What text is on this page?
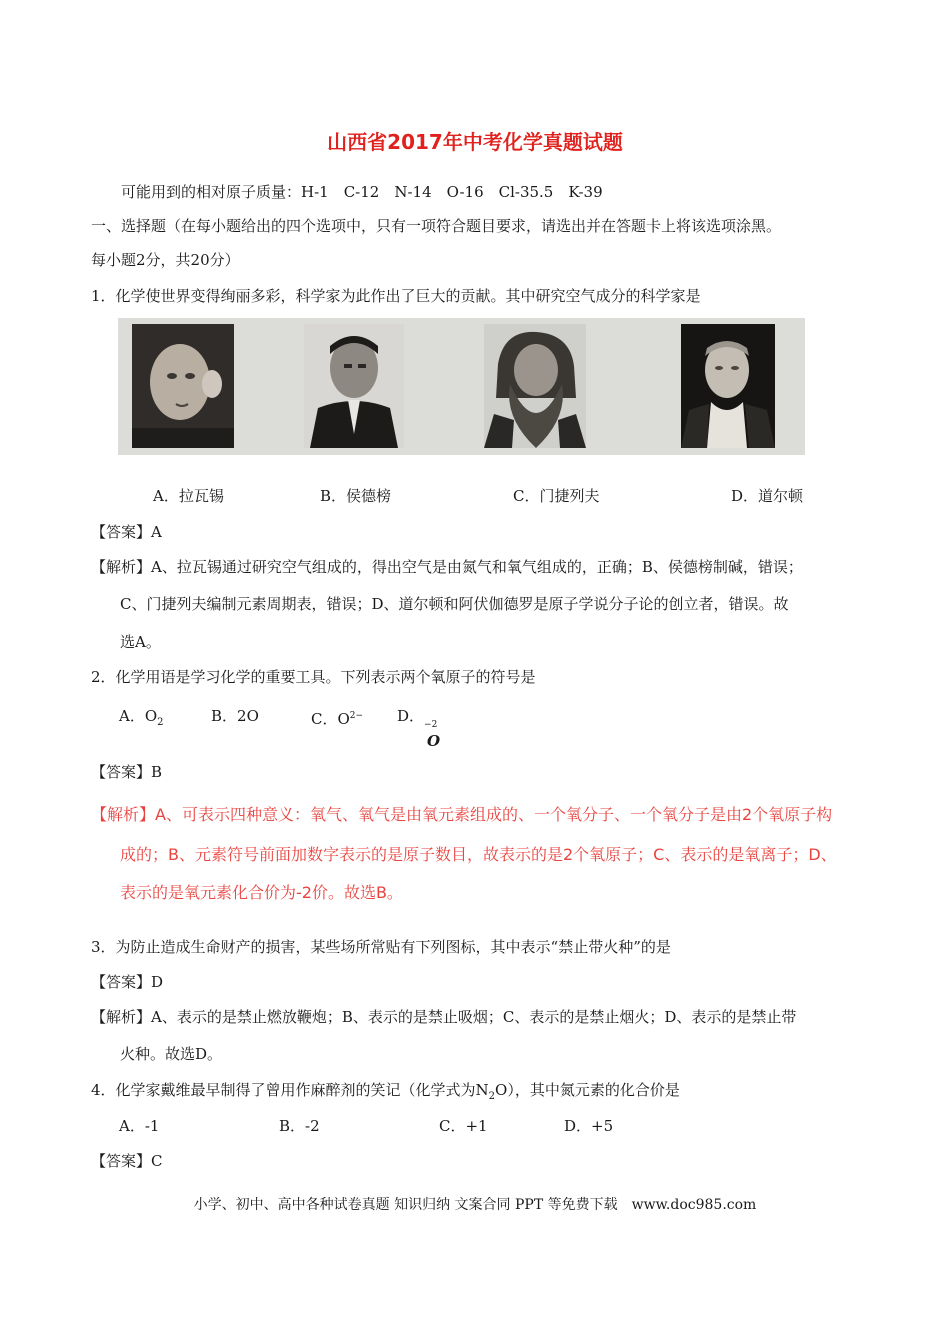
山西省2017年中考化学真题试题
可能用到的相对原子质量：H-1　C-12　N-14　O-16　Cl-35.5　K-39
一、选择题（在每小题给出的四个选项中，只有一项符合题目要求，请选出并在答题卡上将该选项涂黑。
每小题2分，共20分）
1．化学使世界变得绚丽多彩，科学家为此作出了巨大的贡献。其中研究空气成分的科学家是
A．拉瓦锡	B．侯德榜	C．门捷列夫	D．道尔顿
【答案】A
【解析】A、拉瓦锡通过研究空气组成的，得出空气是由氮气和氧气组成的，正确；B、侯德榜制碱，错误；
C、门捷列夫编制元素周期表，错误；D、道尔顿和阿伏伽德罗是原子学说分子论的创立者，错误。故
选A。
2．化学用语是学习化学的重要工具。下列表示两个氧原子的符号是
A．$O_2$	B．2O	C．$O^{2-}$ D． −2
O
【答案】B
【解析】A、可表示四种意义：氧气、氧气是由氧元素组成的、一个氧分子、一个氧分子是由2个氧原子构
成的；B、元素符号前面加数字表示的是原子数目，故表示的是2个氧原子；C、表示的是氧离子；D、
表示的是氧元素化合价为-2价。故选B。
3．为防止造成生命财产的损害，某些场所常贴有下列图标，其中表示“禁止带火种”的是
【答案】D
【解析】A、表示的是禁止燃放鞭炮；B、表示的是禁止吸烟；C、表示的是禁止烟火；D、表示的是禁止带
火种。故选D。
4．化学家戴维最早制得了曾用作麻醉剂的笑记（化学式为$N_2O$），其中氮元素的化合价是
A．-1	B．-2	C．+1	D．+5
【答案】C
小学、初中、高中各种试卷真题 知识归纳 文案合同 PPT 等免费下载　www.doc985.com
